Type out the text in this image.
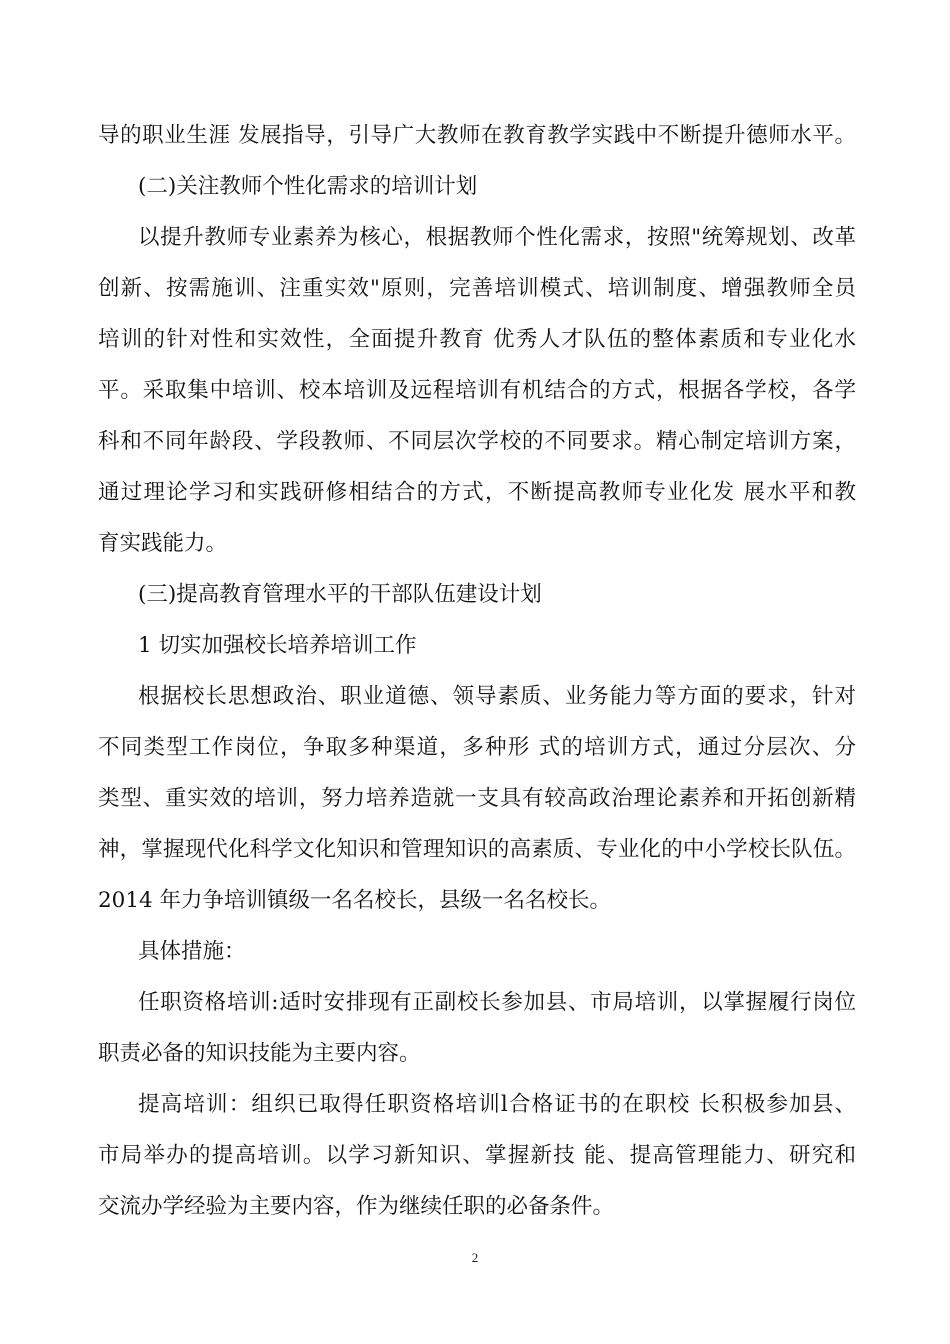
导的职业生涯 发展指导，引导广大教师在教育教学实践中不断提升德师水平。
(二)关注教师个性化需求的培训计划
以提升教师专业素养为核心，根据教师个性化需求，按照"统筹规划、改革
创新、按需施训、注重实效"原则，完善培训模式、培训制度、增强教师全员
培训的针对性和实效性，全面提升教育 优秀人才队伍的整体素质和专业化水
平。采取集中培训、校本培训及远程培训有机结合的方式，根据各学校，各学
科和不同年龄段、学段教师、不同层次学校的不同要求。精心制定培训方案，
通过理论学习和实践研修相结合的方式，不断提高教师专业化发 展水平和教
育实践能力。
(三)提高教育管理水平的干部队伍建设计划
1 切实加强校长培养培训工作
根据校长思想政治、职业道德、领导素质、业务能力等方面的要求，针对
不同类型工作岗位，争取多种渠道，多种形 式的培训方式，通过分层次、分
类型、重实效的培训，努力培养造就一支具有较高政治理论素养和开拓创新精
神，掌握现代化科学文化知识和管理知识的高素质、专业化的中小学校长队伍。
2014 年力争培训镇级一名名校长，县级一名名校长。
具体措施：
任职资格培训:适时安排现有正副校长参加县、市局培训，以掌握履行岗位
职责必备的知识技能为主要内容。
提高培训：组织已取得任职资格培训l合格证书的在职校 长积极参加县、
市局举办的提高培训。以学习新知识、掌握新技 能、提高管理能力、研究和
交流办学经验为主要内容，作为继续任职的必备条件。
2
